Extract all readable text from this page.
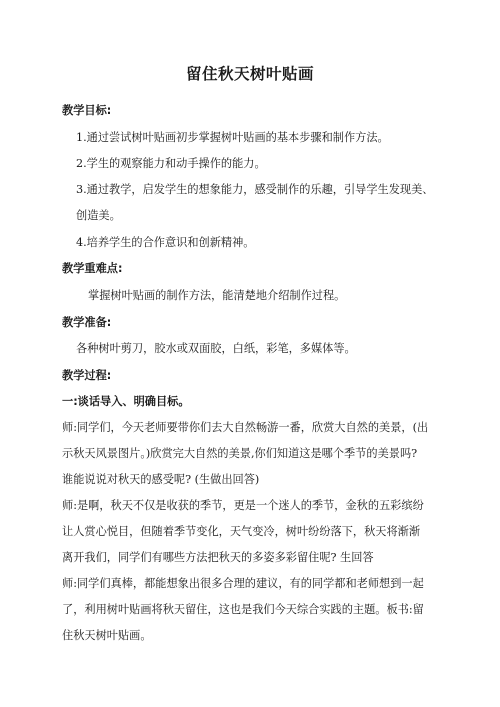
留住秋天树叶贴画
教学目标:
1.通过尝试树叶贴画初步掌握树叶贴画的基本步骤和制作方法。
2.学生的观察能力和动手操作的能力。
3.通过教学，启发学生的想象能力，感受制作的乐趣，引导学生发现美、
创造美。
4.培养学生的合作意识和创新精神。
教学重难点:
掌握树叶贴画的制作方法，能清楚地介绍制作过程。
教学准备:
各种树叶剪刀，胶水或双面胶，白纸，彩笔，多媒体等。
教学过程:
一:谈话导入、明确目标。
师:同学们，今天老师要带你们去大自然畅游一番，欣赏大自然的美景，(出
示秋天风景图片。)欣赏完大自然的美景,你们知道这是哪个季节的美景吗?
谁能说说对秋天的感受呢? (生做出回答)
师:是啊，秋天不仅是收获的季节，更是一个迷人的季节，金秋的五彩缤纷
让人赏心悦目，但随着季节变化，天气变冷，树叶纷纷落下，秋天将渐渐
离开我们，同学们有哪些方法把秋天的多姿多彩留住呢? 生回答
师:同学们真棒，都能想象出很多合理的建议，有的同学都和老师想到一起
了，利用树叶贴画将秋天留住，这也是我们今天综合实践的主题。板书:留
住秋天树叶贴画。
